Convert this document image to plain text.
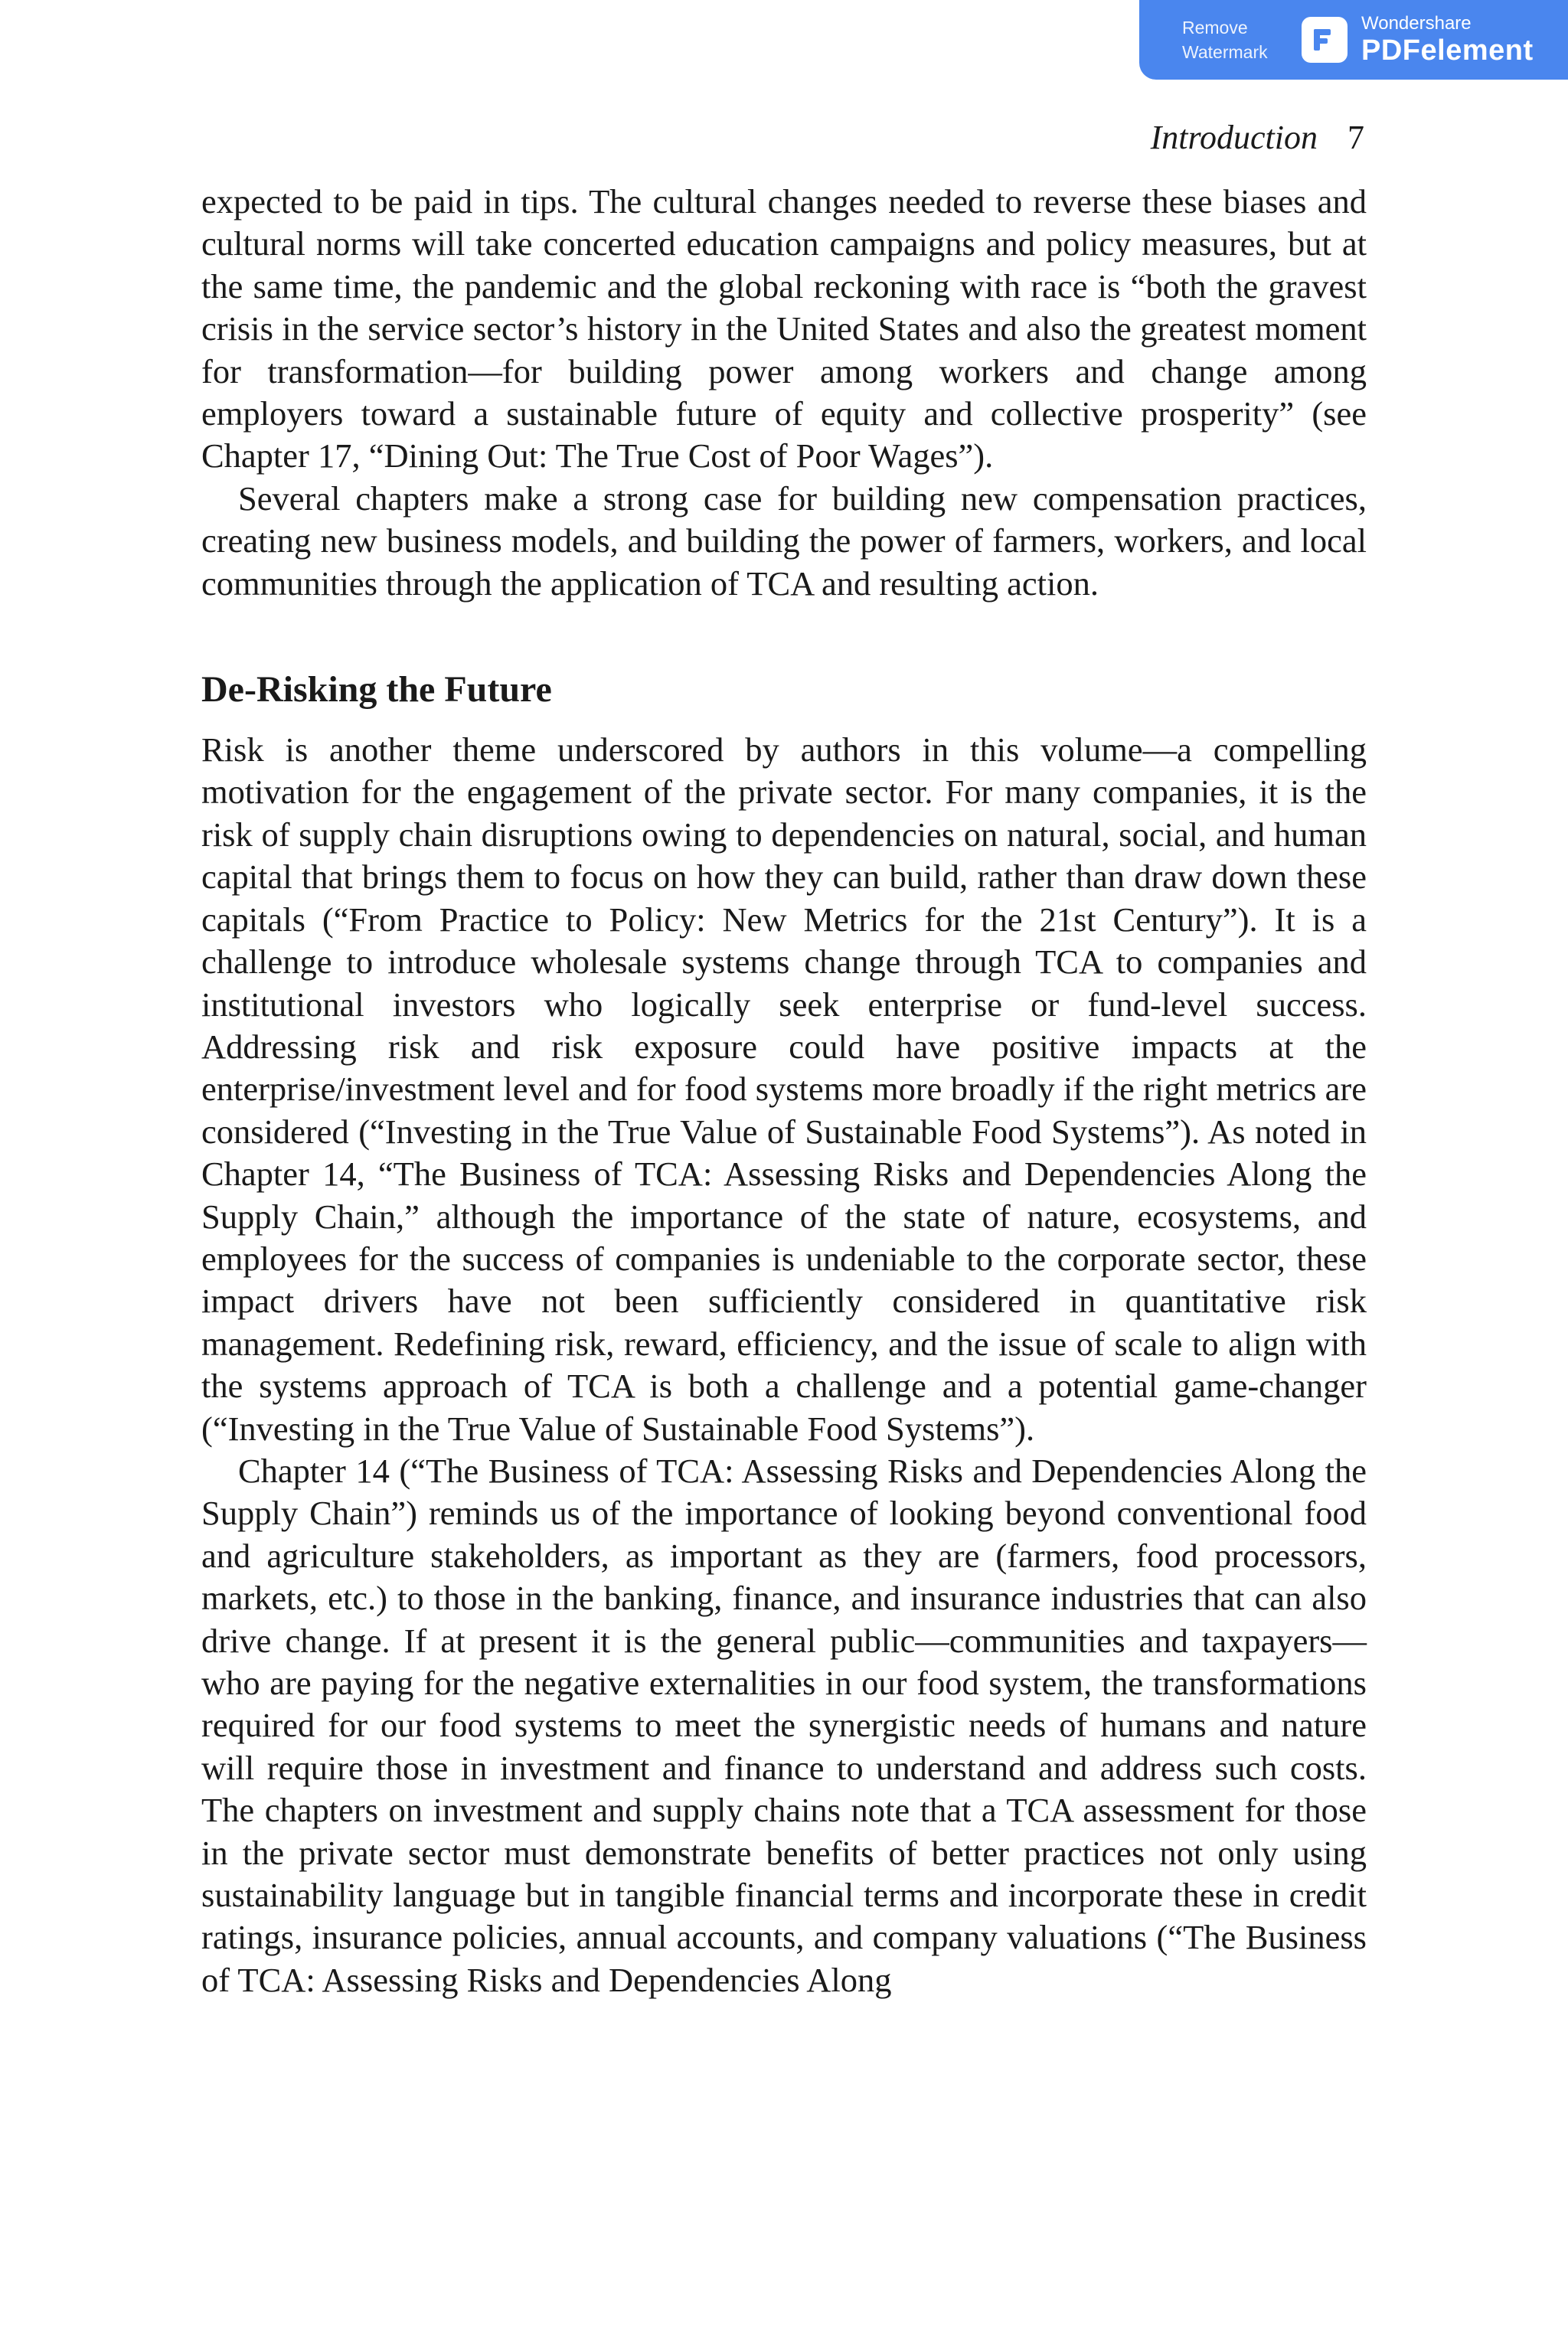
Remove
Watermark
Wondershare
PDFelement
Introduction 7

expected to be paid in tips. The cultural changes needed to reverse these biases and cultural norms will take concerted education campaigns and policy measures, but at the same time, the pandemic and the global reckoning with race is “both the gravest crisis in the service sector’s history in the United States and also the greatest moment for transformation—for building power among workers and change among employers toward a sustainable future of equity and collective prosperity” (see Chapter 17, “Dining Out: The True Cost of Poor Wages”).

Several chapters make a strong case for building new compensation practices, creating new business models, and building the power of farmers, workers, and local communities through the application of TCA and resulting action.

De-Risking the Future

Risk is another theme underscored by authors in this volume—a compelling motivation for the engagement of the private sector. For many companies, it is the risk of supply chain disruptions owing to dependencies on natural, social, and human capital that brings them to focus on how they can build, rather than draw down these capitals (“From Practice to Policy: New Metrics for the 21st Century”). It is a challenge to introduce wholesale systems change through TCA to companies and institutional investors who logically seek enterprise or fund-level success. Addressing risk and risk exposure could have positive impacts at the enterprise/investment level and for food systems more broadly if the right metrics are considered (“Investing in the True Value of Sustainable Food Systems”). As noted in Chapter 14, “The Business of TCA: Assessing Risks and Dependencies Along the Supply Chain,” although the importance of the state of nature, ecosystems, and employees for the success of companies is undeniable to the corporate sector, these impact drivers have not been sufficiently considered in quantitative risk management. Redefining risk, reward, efficiency, and the issue of scale to align with the systems approach of TCA is both a challenge and a potential game-changer (“Investing in the True Value of Sustainable Food Systems”).

Chapter 14 (“The Business of TCA: Assessing Risks and Dependencies Along the Supply Chain”) reminds us of the importance of looking beyond conventional food and agriculture stakeholders, as important as they are (farmers, food processors, markets, etc.) to those in the banking, finance, and insurance industries that can also drive change. If at present it is the general public—communities and taxpayers—who are paying for the negative externalities in our food system, the transformations required for our food systems to meet the synergistic needs of humans and nature will require those in investment and finance to understand and address such costs. The chapters on investment and supply chains note that a TCA assessment for those in the private sector must demonstrate benefits of better practices not only using sustainability language but in tangible financial terms and incorporate these in credit ratings, insurance policies, annual accounts, and company valuations (“The Business of TCA: Assessing Risks and Dependencies Along
